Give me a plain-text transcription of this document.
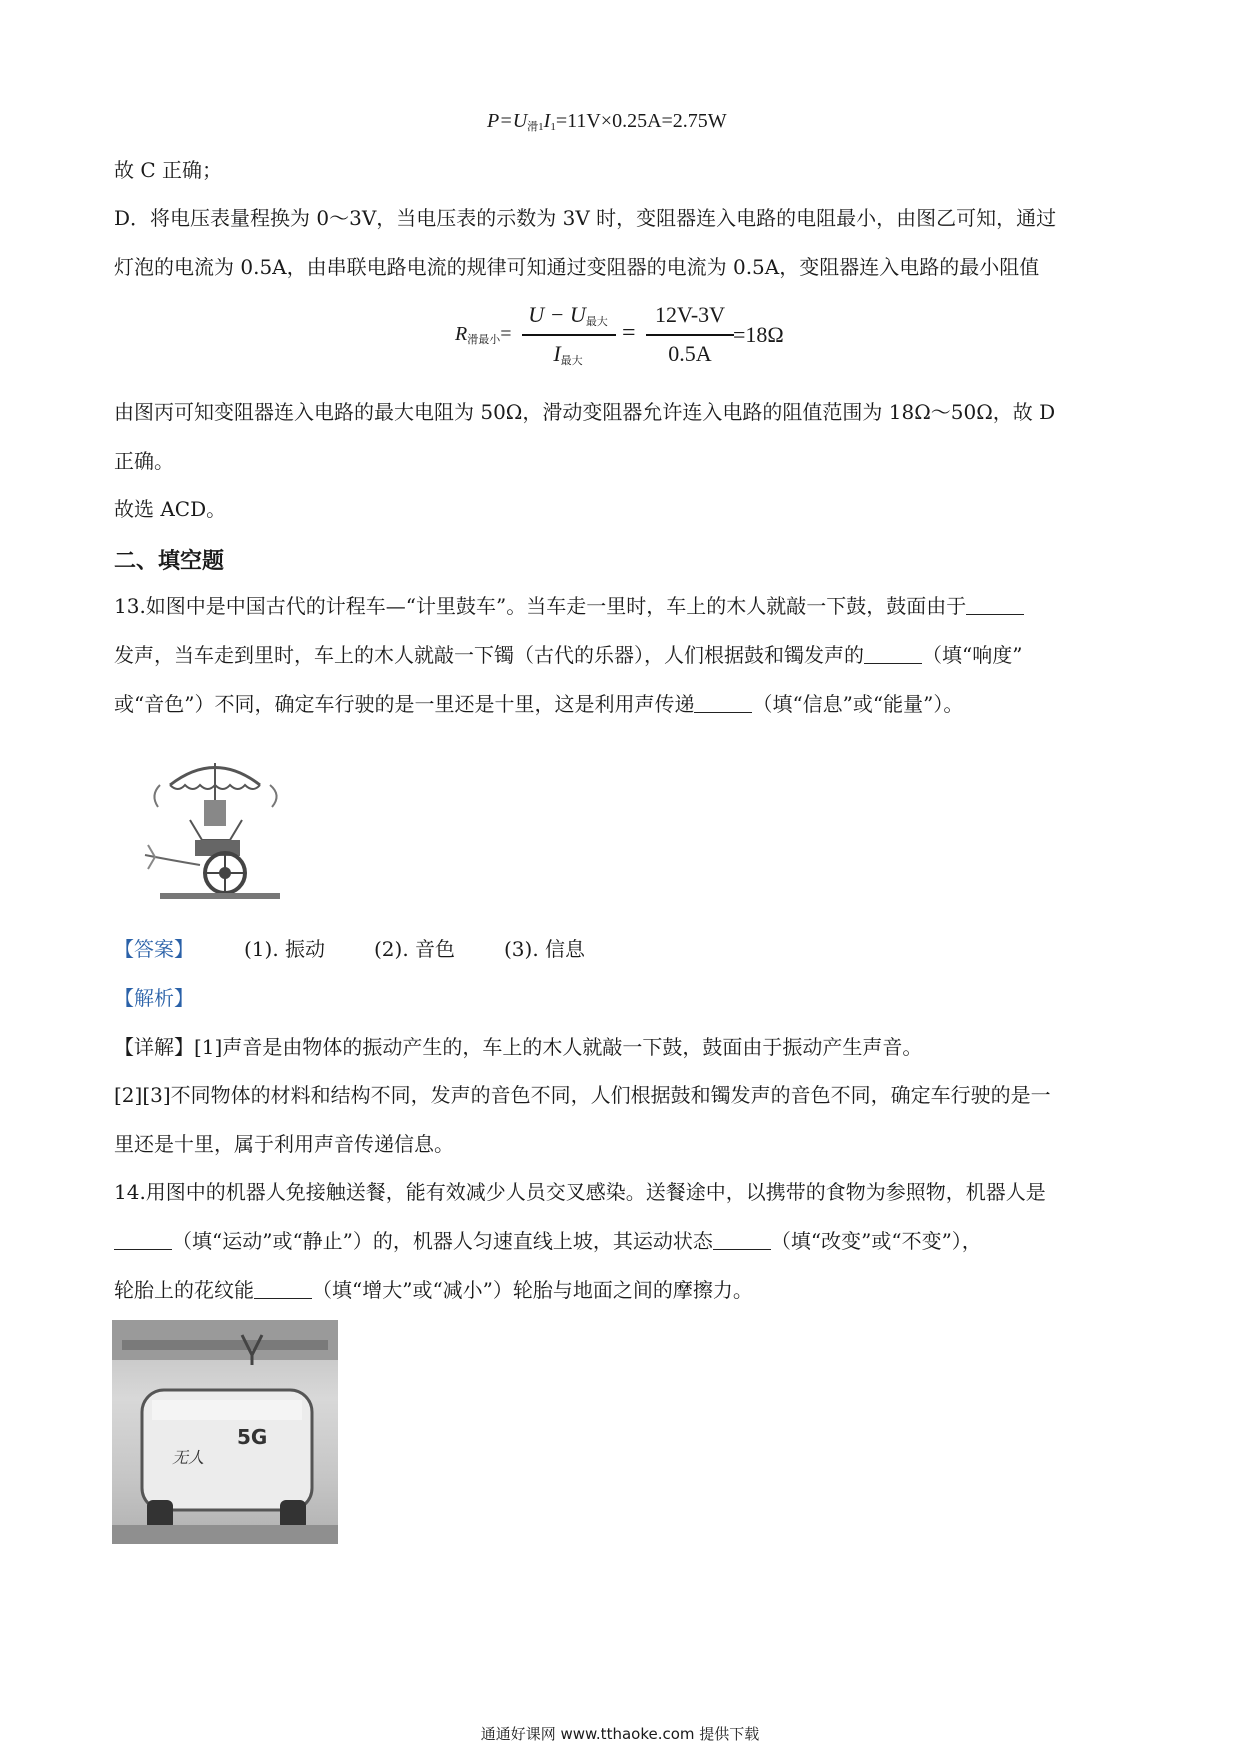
$P=U_{滑1}I_1=11V\times 0.25A=2.75W$
故 C 正确；
D．将电压表量程换为 0～3V，当电压表的示数为 3V 时，变阻器连入电路的电阻最小，由图乙可知，通过
灯泡的电流为 0.5A，由串联电路电流的规律可知通过变阻器的电流为 0.5A，变阻器连入电路的最小阻值
$R_{滑最小}=$
$U - U_{最大}$
$I_{最大}$
=
12V-3V
0.5A
=18Ω
由图丙可知变阻器连入电路的最大电阻为 50Ω，滑动变阻器允许连入电路的阻值范围为 18Ω～50Ω，故 D
正确。
故选 ACD。
二、填空题
13.如图中是中国古代的计程车—“计里鼓车”。当车走一里时，车上的木人就敲一下鼓，鼓面由于
发声，当车走到里时，车上的木人就敲一下镯（古代的乐器），人们根据鼓和镯发声的	（填“响度”
或“音色”）不同，确定车行驶的是一里还是十里，这是利用声传递	（填“信息”或“能量”）。
【答案】	(1). 振动 (2). 音色 (3). 信息
【解析】
【详解】[1]声音是由物体的振动产生的，车上的木人就敲一下鼓，鼓面由于振动产生声音。
[2][3]不同物体的材料和结构不同，发声的音色不同，人们根据鼓和镯发声的音色不同，确定车行驶的是一
里还是十里，属于利用声音传递信息。
14.用图中的机器人免接触送餐，能有效减少人员交叉感染。送餐途中，以携带的食物为参照物，机器人是
（填“运动”或“静止”）的，机器人匀速直线上坡，其运动状态	（填“改变”或“不变”），
轮胎上的花纹能	（填“增大”或“减小”）轮胎与地面之间的摩擦力。
无人
5G
通通好课网 www.tthaoke.com 提供下载
